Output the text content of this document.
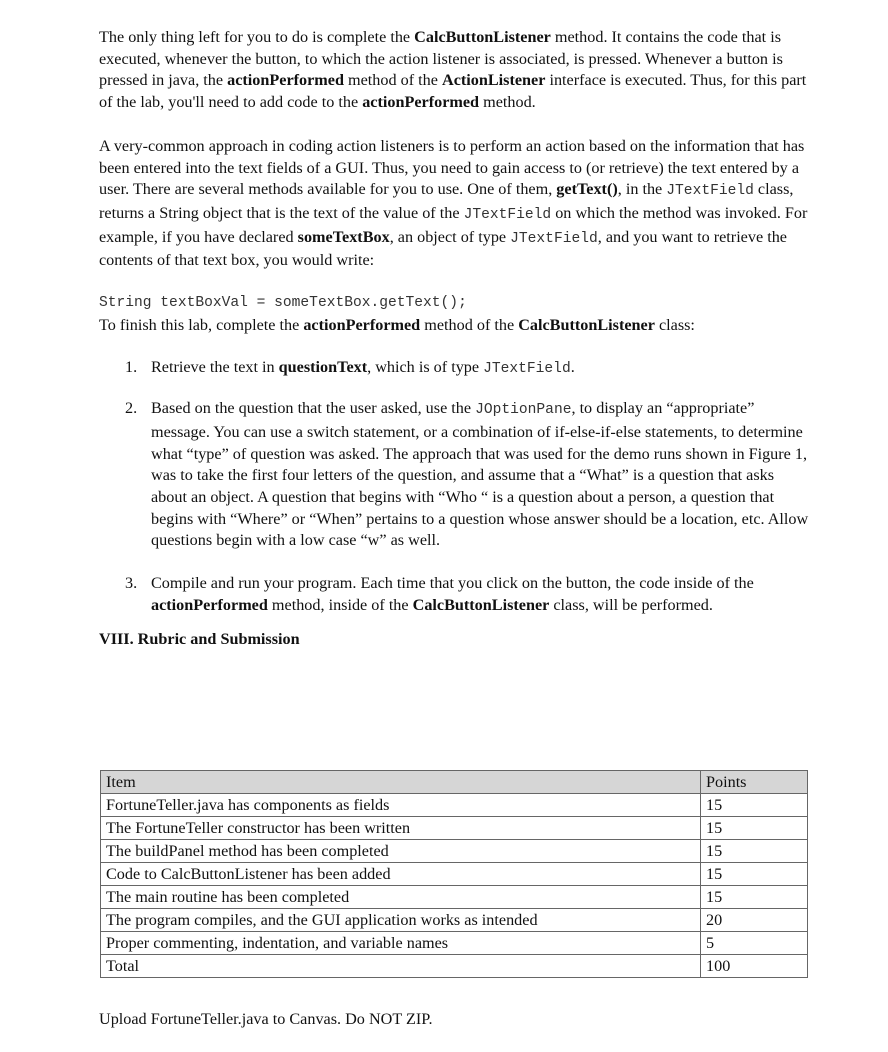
The only thing left for you to do is complete the CalcButtonListener method. It contains the code that is executed, whenever the button, to which the action listener is associated, is pressed. Whenever a button is pressed in java, the actionPerformed method of the ActionListener interface is executed. Thus, for this part of the lab, you'll need to add code to the actionPerformed method.

A very-common approach in coding action listeners is to perform an action based on the information that has been entered into the text fields of a GUI. Thus, you need to gain access to (or retrieve) the text entered by a user. There are several methods available for you to use. One of them, getText(), in the JTextField class, returns a String object that is the text of the value of the JTextField on which the method was invoked. For example, if you have declared someTextBox, an object of type JTextField, and you want to retrieve the contents of that text box, you would write:

String textBoxVal = someTextBox.getText();

To finish this lab, complete the actionPerformed method of the CalcButtonListener class:

1. Retrieve the text in questionText, which is of type JTextField.
2. Based on the question that the user asked, use the JOptionPane, to display an “appropriate” message. You can use a switch statement, or a combination of if-else-if-else statements, to determine what “type” of question was asked. The approach that was used for the demo runs shown in Figure 1, was to take the first four letters of the question, and assume that a “What” is a question that asks about an object. A question that begins with “Who “ is a question about a person, a question that begins with “Where” or “When” pertains to a question whose answer should be a location, etc. Allow questions begin with a low case “w” as well.
3. Compile and run your program. Each time that you click on the button, the code inside of the actionPerformed method, inside of the CalcButtonListener class, will be performed.
VIII. Rubric and Submission
Item	Points
FortuneTeller.java has components as fields	15
The FortuneTeller constructor has been written	15
The buildPanel method has been completed	15
Code to CalcButtonListener has been added	15
The main routine has been completed	15
The program compiles, and the GUI application works as intended	20
Proper commenting, indentation, and variable names	5
Total	100
Upload FortuneTeller.java to Canvas. Do NOT ZIP.
